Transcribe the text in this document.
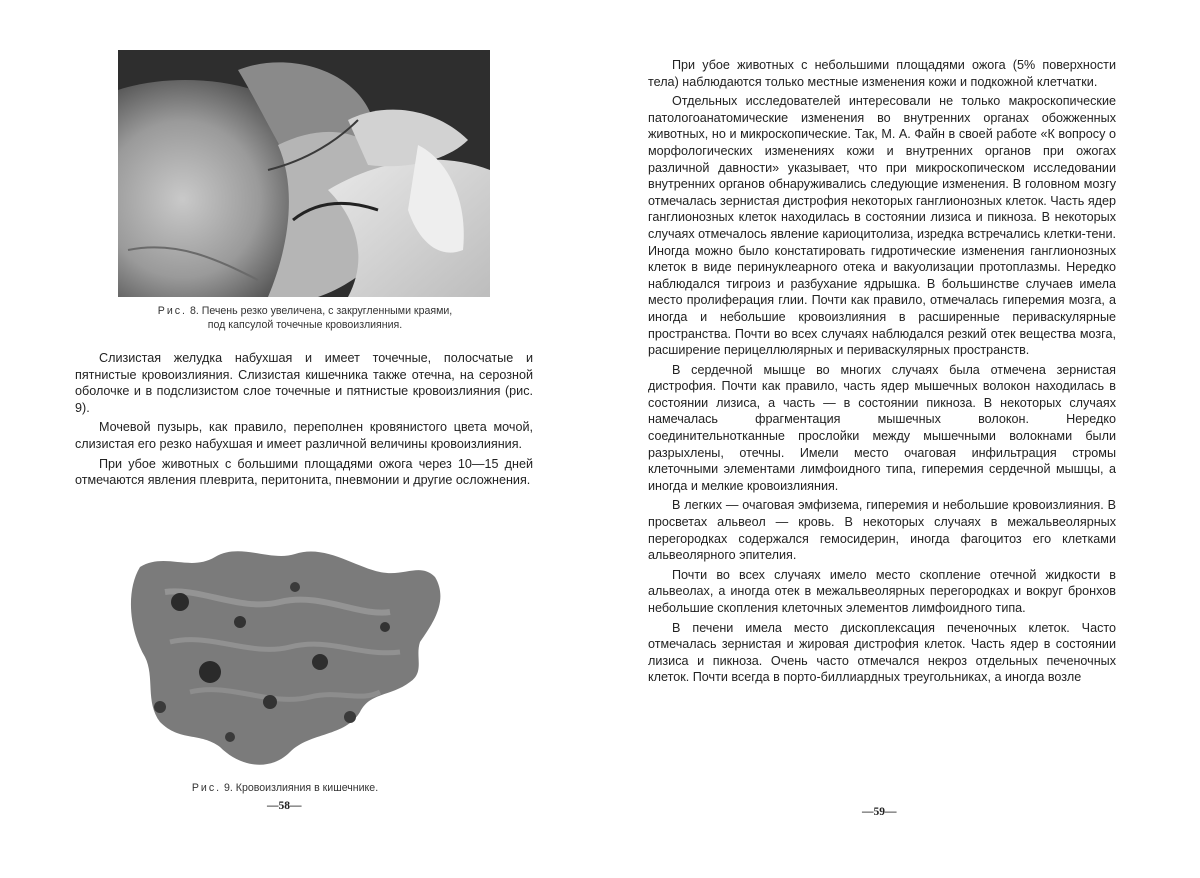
Рис. 8. Печень резко увеличена, с закругленными краями,
под капсулой точечные кровоизлияния.

Слизистая желудка набухшая и имеет точечные, полосчатые и пятнистые кровоизлияния. Слизистая кишечника также отечна, на серозной оболочке и в подслизистом слое точечные и пятнистые кровоизлияния (рис. 9).

Мочевой пузырь, как правило, переполнен кровянистого цвета мочой, слизистая его резко набухшая и имеет различной величины кровоизлияния.

При убое животных с большими площадями ожога через 10—15 дней отмечаются явления плеврита, перитонита, пневмонии и другие осложнения.

Рис. 9. Кровоизлияния в кишечнике.
—58—

При убое животных с небольшими площадями ожога (5% поверхности тела) наблюдаются только местные изменения кожи и подкожной клетчатки.

Отдельных исследователей интересовали не только макроскопические патологоанатомические изменения во внутренних органах обожженных животных, но и микроскопические. Так, М. А. Файн в своей работе «К вопросу о морфологических изменениях кожи и внутренних органов при ожогах различной давности» указывает, что при микроскопическом исследовании внутренних органов обнаруживались следующие изменения. В головном мозгу отмечалась зернистая дистрофия некоторых ганглионозных клеток. Часть ядер ганглионозных клеток находилась в состоянии лизиса и пикноза. В некоторых случаях отмечалось явление кариоцитолиза, изредка встречались клетки-тени. Иногда можно было констатировать гидротические изменения ганглионозных клеток в виде перинуклеарного отека и вакуолизации протоплазмы. Нередко наблюдался тигроиз и разбухание ядрышка. В большинстве случаев имела место пролиферация глии. Почти как правило, отмечалась гиперемия мозга, а иногда и небольшие кровоизлияния в расширенные периваскулярные пространства. Почти во всех случаях наблюдался резкий отек вещества мозга, расширение перицеллюлярных и периваскулярных пространств.

В сердечной мышце во многих случаях была отмечена зернистая дистрофия. Почти как правило, часть ядер мышечных волокон находилась в состоянии лизиса, а часть — в состоянии пикноза. В некоторых случаях намечалась фрагментация мышечных волокон. Нередко соединительнотканные прослойки между мышечными волокнами были разрыхлены, отечны. Имели место очаговая инфильтрация стромы клеточными элементами лимфоидного типа, гиперемия сердечной мышцы, а иногда и мелкие кровоизлияния.

В легких — очаговая эмфизема, гиперемия и небольшие кровоизлияния. В просветах альвеол — кровь. В некоторых случаях в межальвеолярных перегородках содержался гемосидерин, иногда фагоцитоз его клетками альвеолярного эпителия.

Почти во всех случаях имело место скопление отечной жидкости в альвеолах, а иногда отек в межальвеолярных перегородках и вокруг бронхов небольшие скопления клеточных элементов лимфоидного типа.

В печени имела место дископлексация печеночных клеток. Часто отмечалась зернистая и жировая дистрофия клеток. Часть ядер в состоянии лизиса и пикноза. Очень часто отмечался некроз отдельных печеночных клеток. Почти всегда в порто-биллиардных треугольниках, а иногда возле

—59—
